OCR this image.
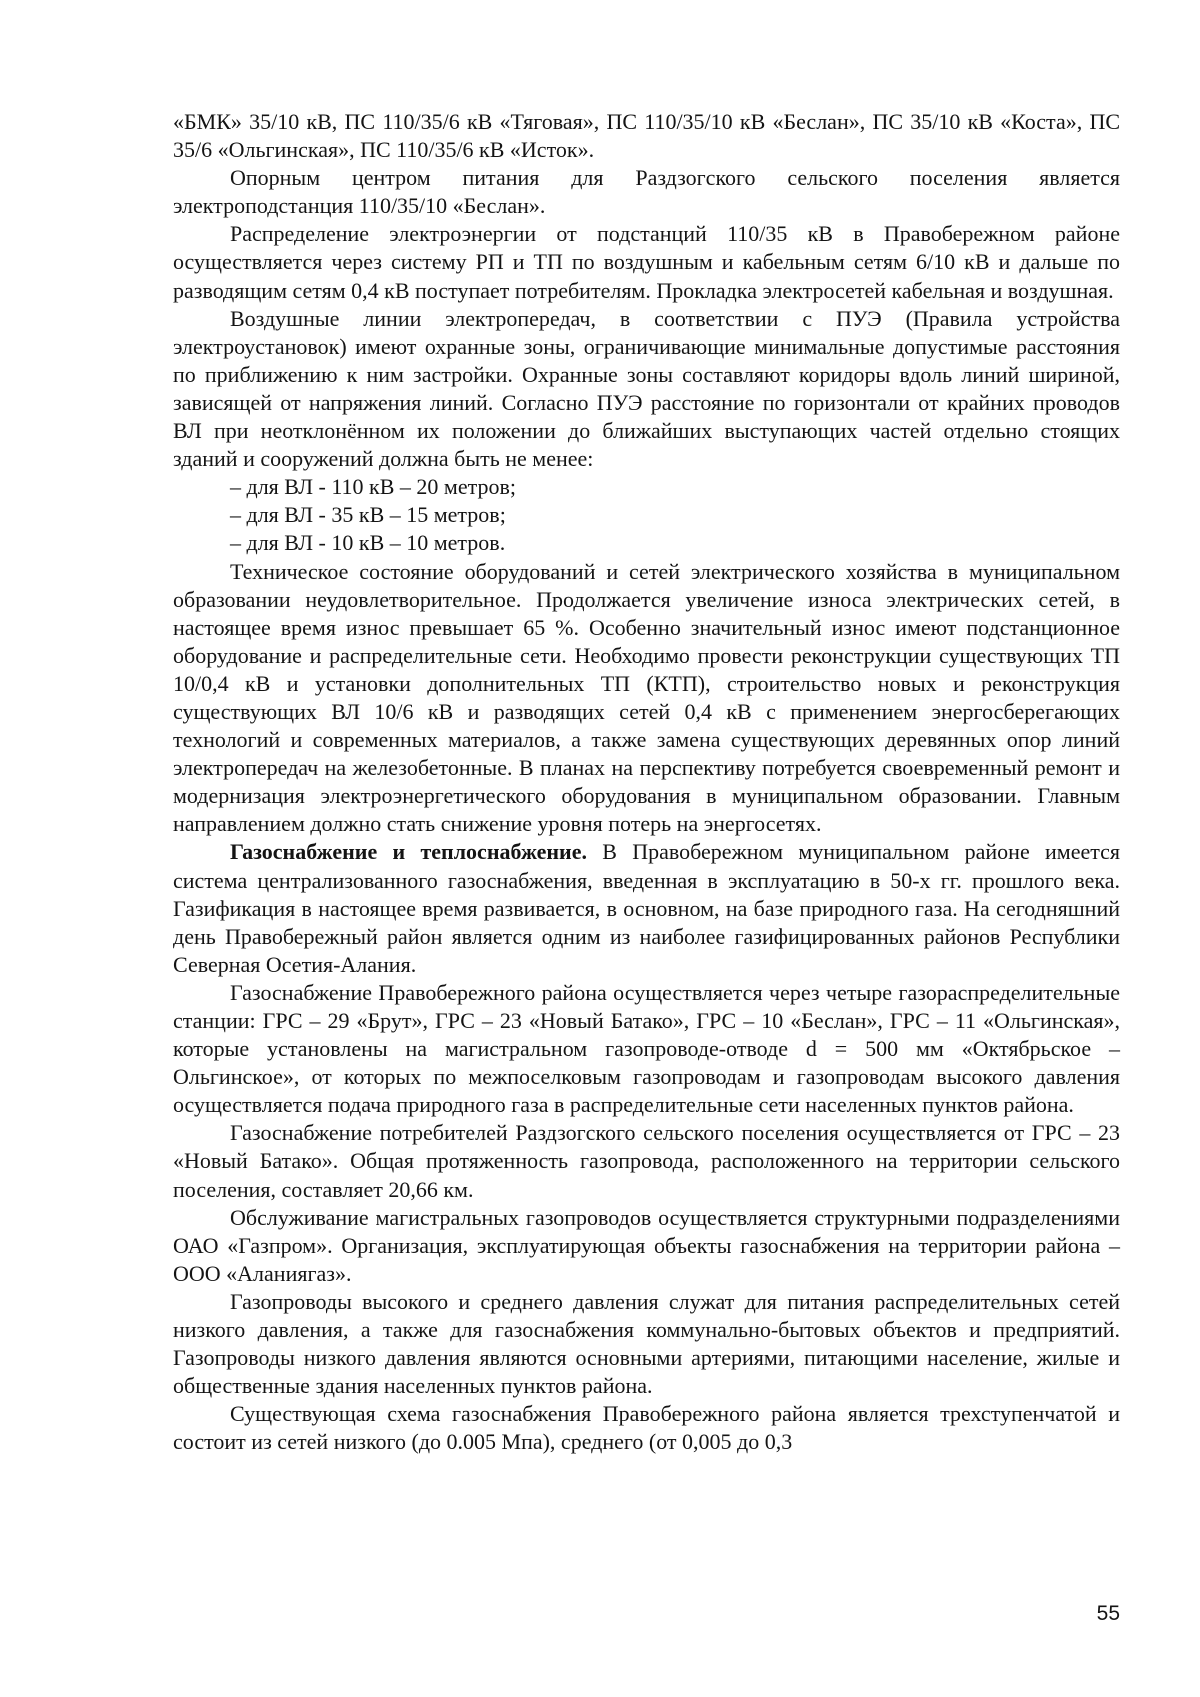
«БМК» 35/10 кВ, ПС 110/35/6 кВ «Тяговая», ПС 110/35/10 кВ «Беслан», ПС 35/10 кВ «Коста», ПС 35/6 «Ольгинская», ПС 110/35/6 кВ «Исток».

Опорным центром питания для Раздзогского сельского поселения является электроподстанция 110/35/10 «Беслан».

Распределение электроэнергии от подстанций 110/35 кВ в Правобережном районе осуществляется через систему РП и ТП по воздушным и кабельным сетям 6/10 кВ и дальше по разводящим сетям 0,4 кВ поступает потребителям. Прокладка электросетей кабельная и воздушная.

Воздушные линии электропередач, в соответствии с ПУЭ (Правила устройства электроустановок) имеют охранные зоны, ограничивающие минимальные допустимые расстояния по приближению к ним застройки. Охранные зоны составляют коридоры вдоль линий шириной, зависящей от напряжения линий. Согласно ПУЭ расстояние по горизонтали от крайних проводов ВЛ при неотклонённом их положении до ближайших выступающих частей отдельно стоящих зданий и сооружений должна быть не менее:

– для ВЛ - 110 кВ – 20 метров;

– для ВЛ - 35 кВ – 15 метров;

– для ВЛ - 10 кВ – 10 метров.

Техническое состояние оборудований и сетей электрического хозяйства в муниципальном образовании неудовлетворительное. Продолжается увеличение износа электрических сетей, в настоящее время износ превышает 65 %. Особенно значительный износ имеют подстанционное оборудование и распределительные сети. Необходимо провести реконструкции существующих ТП 10/0,4 кВ и установки дополнительных ТП (КТП), строительство новых и реконструкция существующих ВЛ 10/6 кВ и разводящих сетей 0,4 кВ с применением энергосберегающих технологий и современных материалов, а также замена существующих деревянных опор линий электропередач на железобетонные. В планах на перспективу потребуется своевременный ремонт и модернизация электроэнергетического оборудования в муниципальном образовании. Главным направлением должно стать снижение уровня потерь на энергосетях.

Газоснабжение и теплоснабжение. В Правобережном муниципальном районе имеется система централизованного газоснабжения, введенная в эксплуатацию в 50-х гг. прошлого века. Газификация в настоящее время развивается, в основном, на базе природного газа. На сегодняшний день Правобережный район является одним из наиболее газифицированных районов Республики Северная Осетия-Алания.

Газоснабжение Правобережного района осуществляется через четыре газораспределительные станции: ГРС – 29 «Брут», ГРС – 23 «Новый Батако», ГРС – 10 «Беслан», ГРС – 11 «Ольгинская», которые установлены на магистральном газопроводе-отводе d = 500 мм «Октябрьское – Ольгинское», от которых по межпоселковым газопроводам и газопроводам высокого давления осуществляется подача природного газа в распределительные сети населенных пунктов района.

Газоснабжение потребителей Раздзогского сельского поселения осуществляется от ГРС – 23 «Новый Батако». Общая протяженность газопровода, расположенного на территории сельского поселения, составляет 20,66 км.

Обслуживание магистральных газопроводов осуществляется структурными подразделениями ОАО «Газпром». Организация, эксплуатирующая объекты газоснабжения на территории района – ООО «Аланиягаз».

Газопроводы высокого и среднего давления служат для питания распределительных сетей низкого давления, а также для газоснабжения коммунально-бытовых объектов и предприятий. Газопроводы низкого давления являются основными артериями, питающими население, жилые и общественные здания населенных пунктов района.

Существующая схема газоснабжения Правобережного района является трехступенчатой и состоит из сетей низкого (до 0.005 Мпа), среднего (от 0,005 до 0,3

55
